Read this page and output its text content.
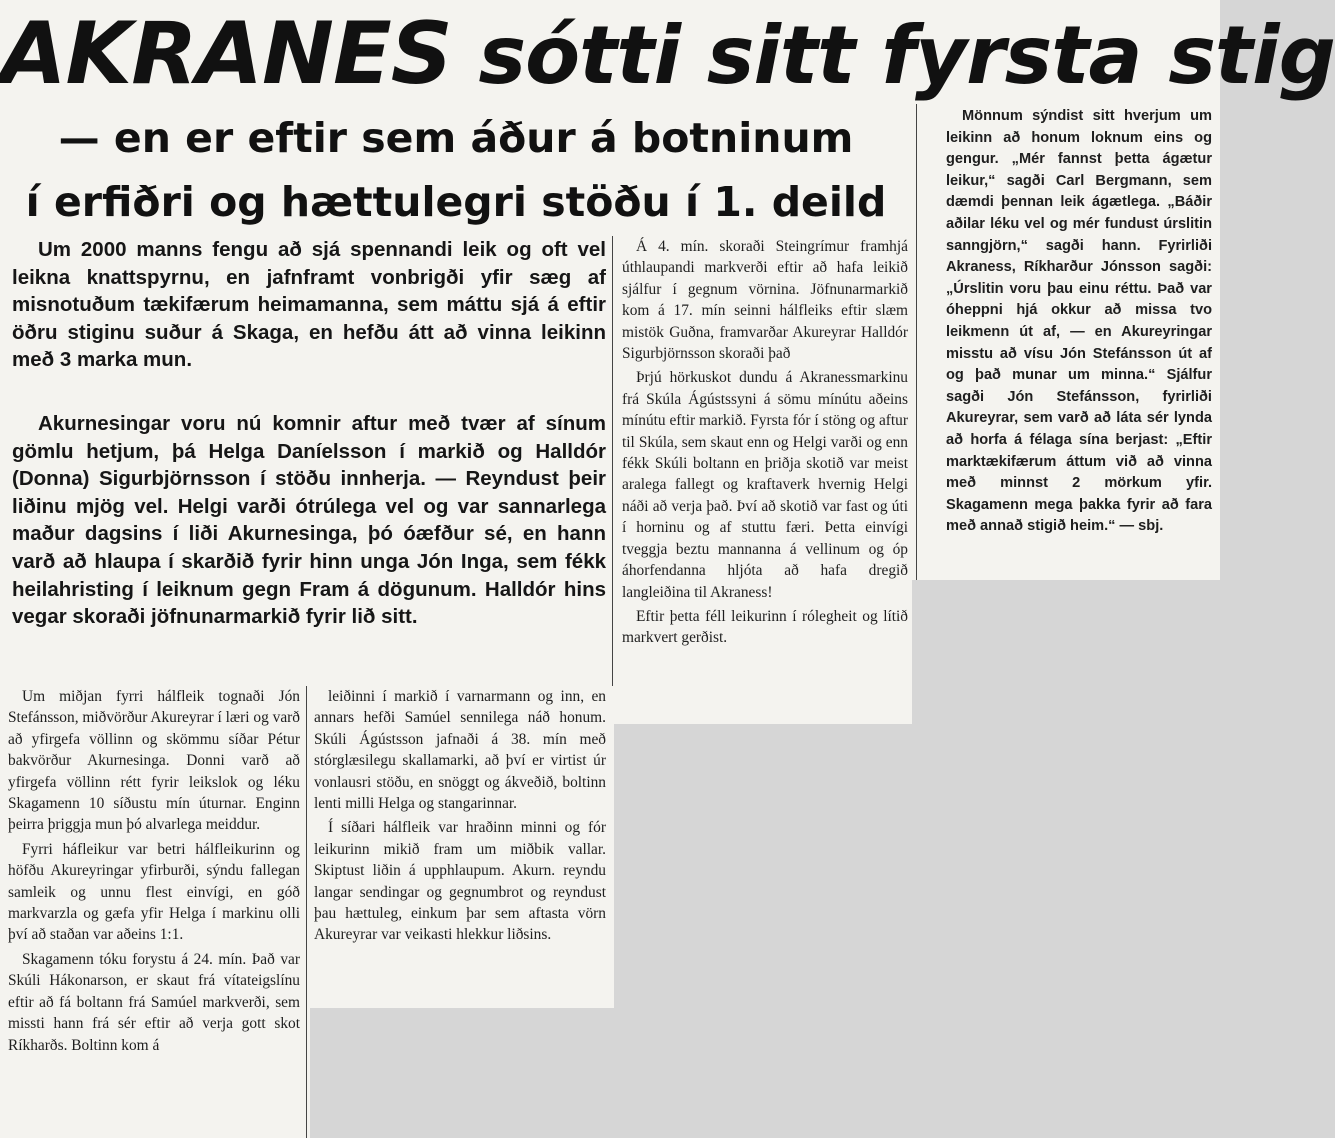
AKRANES sótti sitt fyrsta stig
— en er eftir sem áður á botninum
í erfiðri og hættulegri stöðu í 1. deild

Um 2000 manns fengu að sjá spennandi leik og oft vel leikna knattspyrnu, en jafnframt vonbrigði yfir sæg af misnotuðum tækifærum heimamanna, sem máttu sjá á eftir öðru stiginu suður á Skaga, en hefðu átt að vinna leikinn með 3 marka mun.

Akurnesingar voru nú komnir aftur með tvær af sínum gömlu hetjum, þá Helga Daníelsson í markið og Halldór (Donna) Sigurbjörnsson í stöðu innherja. — Reyndust þeir liðinu mjög vel. Helgi varði ótrúlega vel og var sannarlega maður dagsins í liði Akurnesinga, þó óæfður sé, en hann varð að hlaupa í skarðið fyrir hinn unga Jón Inga, sem fékk heilahristing í leiknum gegn Fram á dögunum. Halldór hins vegar skoraði jöfnunarmarkið fyrir lið sitt.

Á 4. mín. skoraði Steingrímur framhjá úthlaupandi markverði eftir að hafa leikið sjálfur í gegnum vörnina. Jöfnunarmarkið kom á 17. mín seinni hálfleiks eftir slæm mistök Guðna, framvarðar Akureyrar Halldór Sigurbjörnsson skoraði það

Þrjú hörkuskot dundu á Akranessmarkinu frá Skúla Ágústssyni á sömu mínútu aðeins mínútu eftir markið. Fyrsta fór í stöng og aftur til Skúla, sem skaut enn og Helgi varði og enn fékk Skúli boltann en þriðja skotið var meist aralega fallegt og kraftaverk hvernig Helgi náði að verja það. Því að skotið var fast og úti í horninu og af stuttu færi. Þetta einvígi tveggja beztu mannanna á vellinum og óp áhorfendanna hljóta að hafa dregið langleiðina til Akraness!

Eftir þetta féll leikurinn í rólegheit og lítið markvert gerðist.

Um miðjan fyrri hálfleik tognaði Jón Stefánsson, miðvörður Akureyrar í læri og varð að yfirgefa völlinn og skömmu síðar Pétur bakvörður Akurnesinga. Donni varð að yfirgefa völlinn rétt fyrir leikslok og léku Skagamenn 10 síðustu mín úturnar. Enginn þeirra þriggja mun þó alvarlega meiddur.

Fyrri háfleikur var betri hálfleikurinn og höfðu Akureyringar yfirburði, sýndu fallegan samleik og unnu flest einvígi, en góð markvarzla og gæfa yfir Helga í markinu olli því að staðan var aðeins 1:1.

Skagamenn tóku forystu á 24. mín. Það var Skúli Hákonarson, er skaut frá vítateigslínu eftir að fá boltann frá Samúel markverði, sem missti hann frá sér eftir að verja gott skot Ríkharðs. Boltinn kom á

leiðinni í markið í varnarmann og inn, en annars hefði Samúel sennilega náð honum. Skúli Ágústsson jafnaði á 38. mín með stórglæsilegu skallamarki, að því er virtist úr vonlausri stöðu, en snöggt og ákveðið, boltinn lenti milli Helga og stangarinnar.

Í síðari hálfleik var hraðinn minni og fór leikurinn mikið fram um miðbik vallar. Skiptust liðin á upphlaupum. Akurn. reyndu langar sendingar og gegnumbrot og reyndust þau hættuleg, einkum þar sem aftasta vörn Akureyrar var veikasti hlekkur liðsins.

Mönnum sýndist sitt hverjum um leikinn að honum loknum eins og gengur. „Mér fannst þetta ágætur leikur,“ sagði Carl Bergmann, sem dæmdi þennan leik ágætlega. „Báðir aðilar léku vel og mér fundust úrslitin sanngjörn,“ sagði hann. Fyrirliði Akraness, Ríkharður Jónsson sagði: „Úrslitin voru þau einu réttu. Það var óheppni hjá okkur að missa tvo leikmenn út af, — en Akureyringar misstu að vísu Jón Stefánsson út af og það munar um minna.“ Sjálfur sagði Jón Stefánsson, fyrirliði Akureyrar, sem varð að láta sér lynda að horfa á félaga sína berjast: „Eftir marktækifærum áttum við að vinna með minnst 2 mörkum yfir. Skagamenn mega þakka fyrir að fara með annað stigið heim.“ — sbj.
